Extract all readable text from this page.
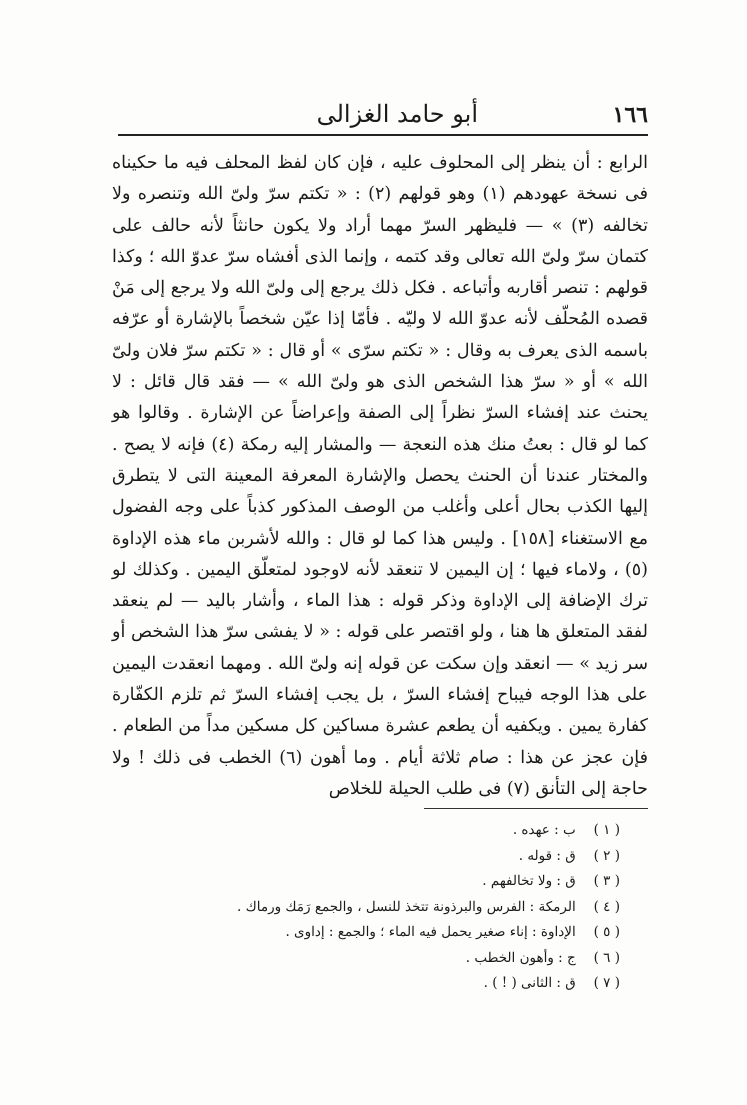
١٦٦
أبو حامد الغزالى

الرابع : أن ينظر إلى المحلوف عليه ، فإن كان لفظ المحلف فيه ما حكيناه فى نسخة عهودهم (١) وهو قولهم (٢) : « تكتم سرّ ولىّ الله وتنصره ولا تخالفه (٣) » — فليظهر السرّ مهما أراد ولا يكون حانثاً لأنه حالف على كتمان سرّ ولىّ الله تعالى وقد كتمه ، وإنما الذى أفشاه سرّ عدوّ الله ؛ وكذا قولهم : تنصر أقاربه وأتباعه . فكل ذلك يرجع إلى ولىّ الله ولا يرجع إلى مَنْ قصده المُحلّف لأنه عدوّ الله لا وليّه . فأمّا إذا عيّن شخصاً بالإشارة أو عرّفه باسمه الذى يعرف به وقال : « تكتم سرّى » أو قال : « تكتم سرّ فلان ولىّ الله » أو « سرّ هذا الشخص الذى هو ولىّ الله » — فقد قال قائل : لا يحنث عند إفشاء السرّ نظراً إلى الصفة وإعراضاً عن الإشارة . وقالوا هو كما لو قال : بعتُ منك هذه النعجة — والمشار إليه رمكة (٤) فإنه لا يصح . والمختار عندنا أن الحنث يحصل والإشارة المعرفة المعينة التى لا يتطرق إليها الكذب بحال أعلى وأغلب من الوصف المذكور كذباً على وجه الفضول مع الاستغناء [١٥٨] . وليس هذا كما لو قال : والله لأشربن ماء هذه الإداوة (٥) ، ولاماء فيها ؛ إن اليمين لا تنعقد لأنه لاوجود لمتعلّق اليمين . وكذلك لو ترك الإضافة إلى الإداوة وذكر قوله : هذا الماء ، وأشار باليد — لم ينعقد لفقد المتعلق ها هنا ، ولو اقتصر على قوله : « لا يفشى سرّ هذا الشخص أو سر زيد » — انعقد وإن سكت عن قوله إنه ولىّ الله . ومهما انعقدت اليمين على هذا الوجه فيباح إفشاء السرّ ، بل يجب إفشاء السرّ ثم تلزم الكفّارة كفارة يمين . ويكفيه أن يطعم عشرة مساكين كل مسكين مداً من الطعام . فإن عجز عن هذا : صام ثلاثة أيام . وما أهون (٦) الخطب فى ذلك ! ولا حاجة إلى التأنق (٧) فى طلب الحيلة للخلاص

( ١ ) ب : عهده .
( ٢ ) ق : قوله .
( ٣ ) ق : ولا تخالفهم .
( ٤ ) الرمكة : الفرس والبرذونة تتخذ للنسل ، والجمع رَمَك ورماك .
( ٥ ) الإداوة : إناء صغير يحمل فيه الماء ؛ والجمع : إداوى .
( ٦ ) ج : وأهون الخطب .
( ٧ ) ق : الثانى ( ! ) .
